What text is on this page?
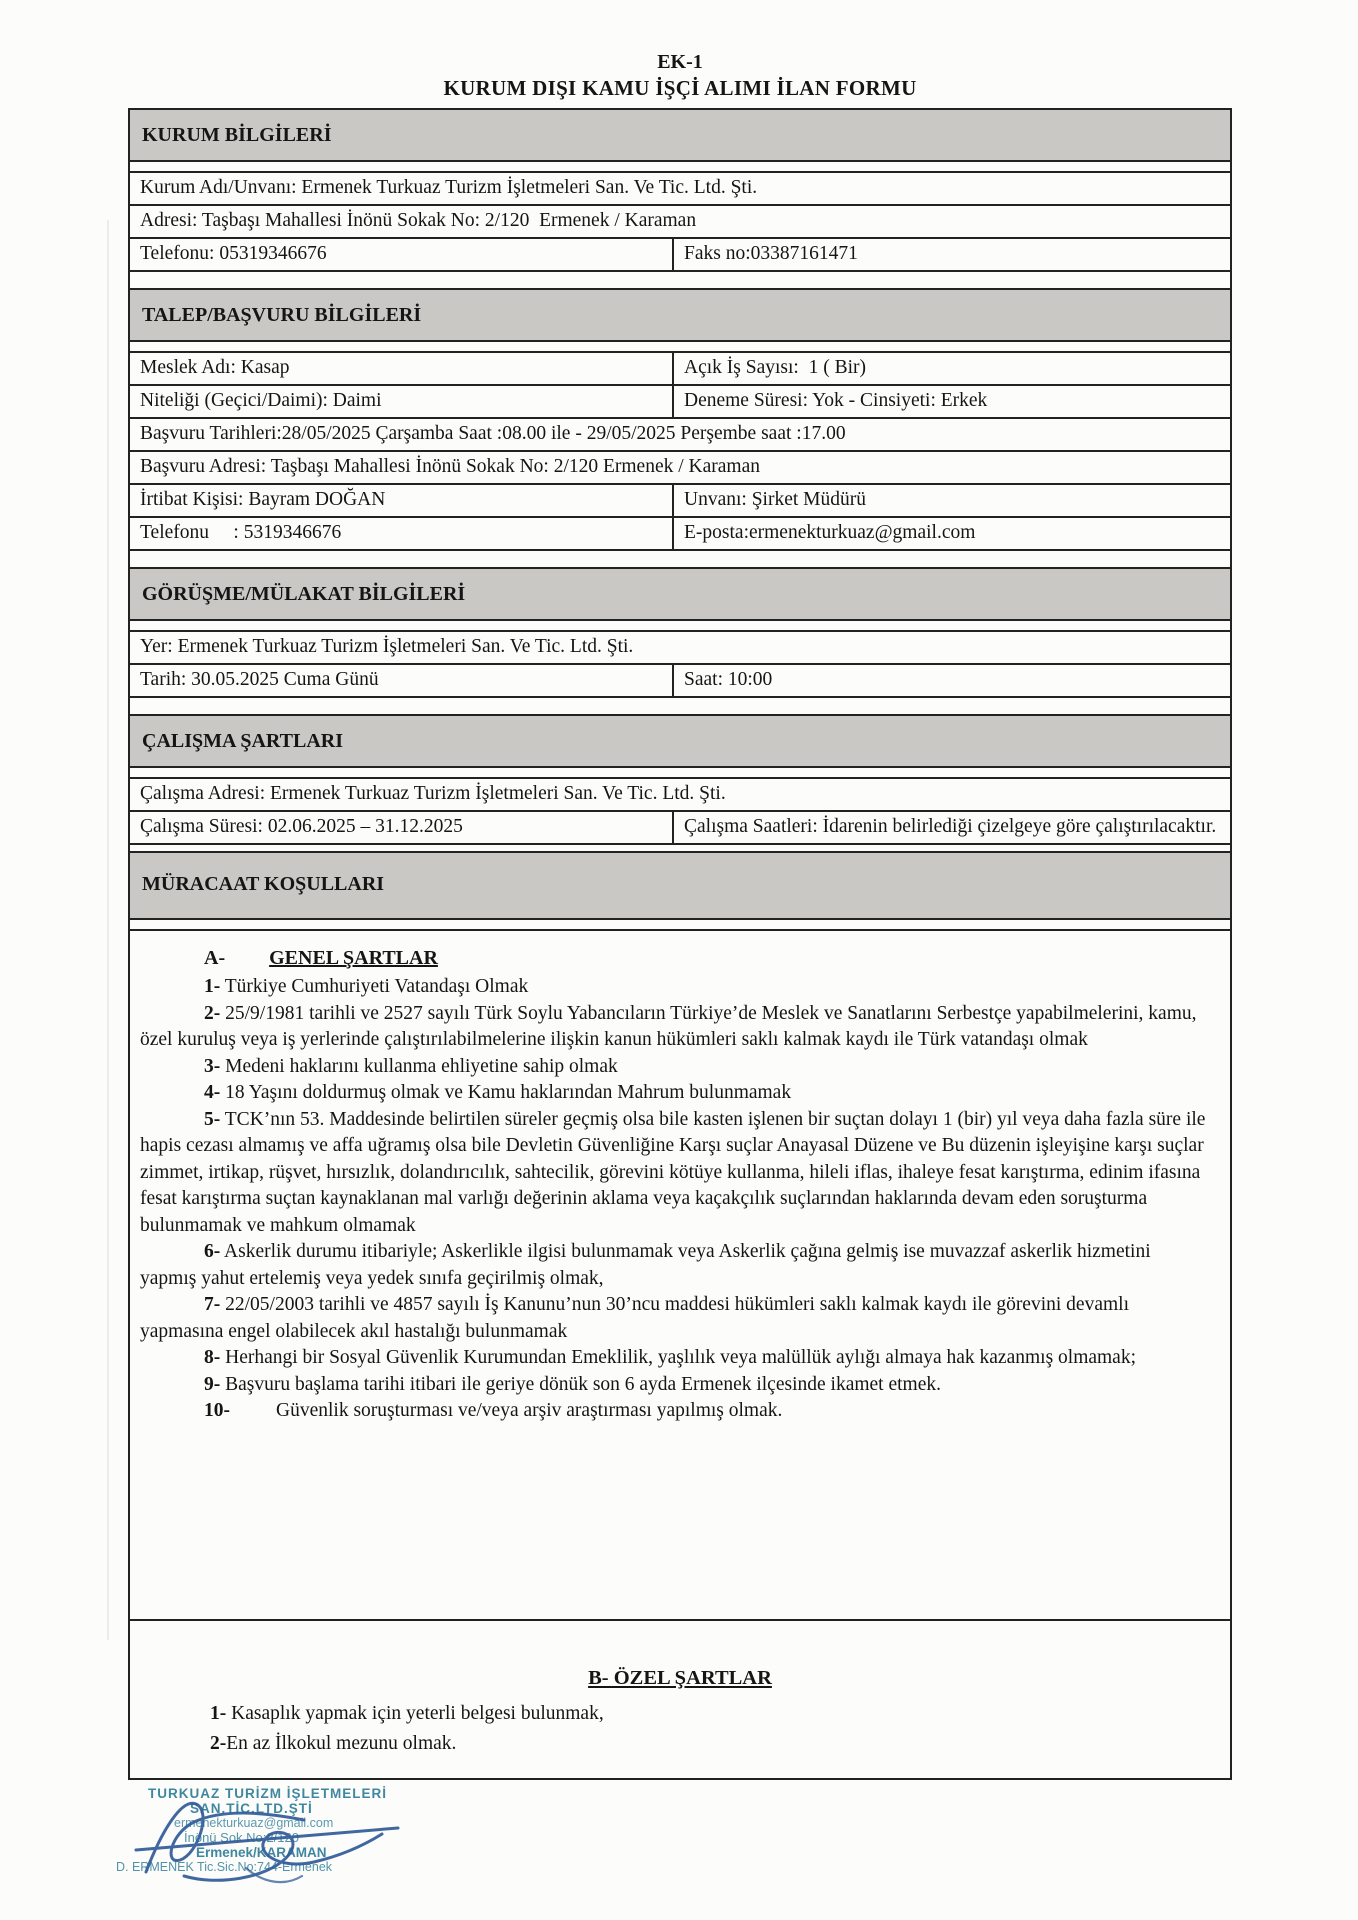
EK-1
KURUM DIŞI KAMU İŞÇİ ALIMI İLAN FORMU
KURUM BİLGİLERİ
Kurum Adı/Unvanı: Ermenek Turkuaz Turizm İşletmeleri San. Ve Tic. Ltd. Şti.
Adresi: Taşbaşı Mahallesi İnönü Sokak No: 2/120  Ermenek / Karaman
Telefonu: 05319346676	Faks no:03387161471
TALEP/BAŞVURU BİLGİLERİ
Meslek Adı: Kasap	Açık İş Sayısı:  1 ( Bir)
Niteliği (Geçici/Daimi): Daimi	Deneme Süresi: Yok - Cinsiyeti: Erkek
Başvuru Tarihleri:28/05/2025 Çarşamba Saat :08.00 ile - 29/05/2025 Perşembe saat :17.00
Başvuru Adresi: Taşbaşı Mahallesi İnönü Sokak No: 2/120 Ermenek / Karaman
İrtibat Kişisi: Bayram DOĞAN	Unvanı: Şirket Müdürü
Telefonu     : 5319346676	E-posta:ermenekturkuaz@gmail.com
GÖRÜŞME/MÜLAKAT BİLGİLERİ
Yer: Ermenek Turkuaz Turizm İşletmeleri San. Ve Tic. Ltd. Şti.
Tarih: 30.05.2025 Cuma Günü	Saat: 10:00
ÇALIŞMA ŞARTLARI
Çalışma Adresi: Ermenek Turkuaz Turizm İşletmeleri San. Ve Tic. Ltd. Şti.
Çalışma Süresi: 02.06.2025 – 31.12.2025	Çalışma Saatleri: İdarenin belirlediği çizelgeye göre çalıştırılacaktır.
MÜRACAAT KOŞULLARI

A- GENEL ŞARTLAR

1- Türkiye Cumhuriyeti Vatandaşı Olmak

2- 25/9/1981 tarihli ve 2527 sayılı Türk Soylu Yabancıların Türkiye’de Meslek ve Sanatlarını Serbestçe yapabilmelerini, kamu, özel kuruluş veya iş yerlerinde çalıştırılabilmelerine ilişkin kanun hükümleri saklı kalmak kaydı ile Türk vatandaşı olmak

3- Medeni haklarını kullanma ehliyetine sahip olmak

4- 18 Yaşını doldurmuş olmak ve Kamu haklarından Mahrum bulunmamak

5- TCK’nın 53. Maddesinde belirtilen süreler geçmiş olsa bile kasten işlenen bir suçtan dolayı 1 (bir) yıl veya daha fazla süre ile hapis cezası almamış ve affa uğramış olsa bile Devletin Güvenliğine Karşı suçlar Anayasal Düzene ve Bu düzenin işleyişine karşı suçlar zimmet, irtikap, rüşvet, hırsızlık, dolandırıcılık, sahtecilik, görevini kötüye kullanma, hileli iflas, ihaleye fesat karıştırma, edinim ifasına fesat karıştırma suçtan kaynaklanan mal varlığı değerinin aklama veya kaçakçılık suçlarından haklarında devam eden soruşturma bulunmamak ve mahkum olmamak

6- Askerlik durumu itibariyle; Askerlikle ilgisi bulunmamak veya Askerlik çağına gelmiş ise muvazzaf askerlik hizmetini yapmış yahut ertelemiş veya yedek sınıfa geçirilmiş olmak,

7- 22/05/2003 tarihli ve 4857 sayılı İş Kanunu’nun 30’ncu maddesi hükümleri saklı kalmak kaydı ile görevini devamlı yapmasına engel olabilecek akıl hastalığı bulunmamak

8- Herhangi bir Sosyal Güvenlik Kurumundan Emeklilik, yaşlılık veya malüllük aylığı almaya hak kazanmış olmamak;

9- Başvuru başlama tarihi itibari ile geriye dönük son 6 ayda Ermenek ilçesinde ikamet etmek.

10- Güvenlik soruşturması ve/veya arşiv araştırması yapılmış olmak.

B- ÖZEL ŞARTLAR

1- Kasaplık yapmak için yeterli belgesi bulunmak,

2-En az İlkokul mezunu olmak.

TURKUAZ TURİZM İŞLETMELERİ
SAN.TİC.LTD.ŞTİ
ermenekturkuaz@gmail.com
İnönü Sok.No:2/120
Ermenek/KARAMAN
D. ERMENEK Tic.Sic.No:744-Ermenek
